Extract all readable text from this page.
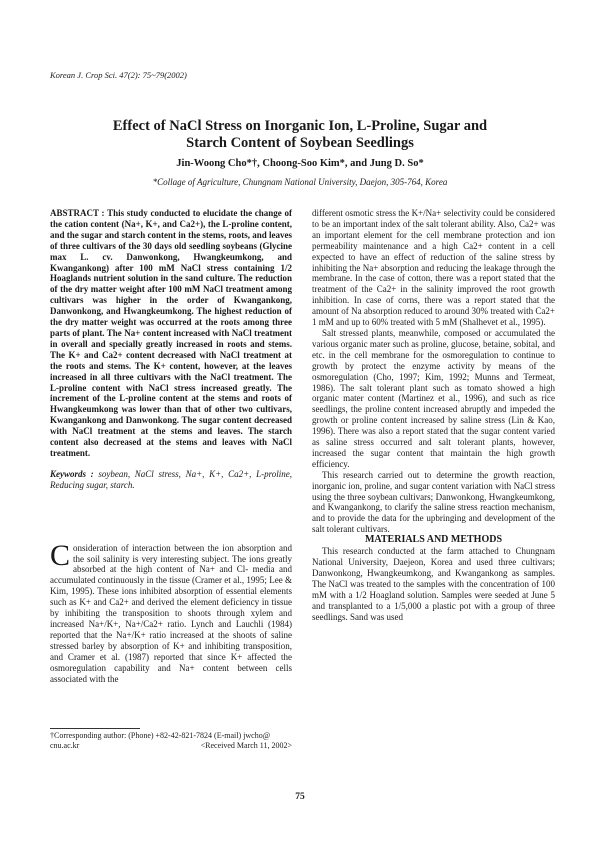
Korean J. Crop Sci. 47(2): 75~79(2002)
Effect of NaCl Stress on Inorganic Ion, L-Proline, Sugar and
Starch Content of Soybean Seedlings
Jin-Woong Cho*†, Choong-Soo Kim*, and Jung D. So*
*Collage of Agriculture, Chungnam National University, Daejon, 305-764, Korea

ABSTRACT : This study conducted to elucidate the change of the cation content (Na+, K+, and Ca2+), the L-proline content, and the sugar and starch content in the stems, roots, and leaves of three cultivars of the 30 days old seedling soybeans (Glycine max L. cv. Danwonkong, Hwangkeumkong, and Kwangankong) after 100 mM NaCl stress containing 1/2 Hoaglands nutrient solution in the sand culture. The reduction of the dry matter weight after 100 mM NaCl treatment among cultivars was higher in the order of Kwangankong, Danwonkong, and Hwangkeumkong. The highest reduction of the dry matter weight was occurred at the roots among three parts of plant. The Na+ content increased with NaCl treatment in overall and specially greatly increased in roots and stems. The K+ and Ca2+ content decreased with NaCl treatment at the roots and stems. The K+ content, however, at the leaves increased in all three cultivars with the NaCl treatment. The L-proline content with NaCl stress increased greatly. The increment of the L-proline content at the stems and roots of Hwangkeumkong was lower than that of other two cultivars, Kwangankong and Danwonkong. The sugar content decreased with NaCl treatment at the stems and leaves. The starch content also decreased at the stems and leaves with NaCl treatment.

Keywords : soybean, NaCl stress, Na+, K+, Ca2+, L-proline, Reducing sugar, starch.

Consideration of interaction between the ion absorption and the soil salinity is very interesting subject. The ions greatly absorbed at the high content of Na+ and Cl- media and accumulated continuously in the tissue (Cramer et al., 1995; Lee & Kim, 1995). These ions inhibited absorption of essential elements such as K+ and Ca2+ and derived the element deficiency in tissue by inhibiting the transposition to shoots through xylem and increased Na+/K+, Na+/Ca2+ ratio. Lynch and Lauchli (1984) reported that the Na+/K+ ratio increased at the shoots of saline stressed barley by absorption of K+ and inhibiting transposition, and Cramer et al. (1987) reported that since K+ affected the osmoregulation capability and Na+ content between cells associated with the

†Corresponding author: (Phone) +82-42-821-7824 (E-mail) jwcho@
cnu.ac.kr	<Received March 11, 2002>

different osmotic stress the K+/Na+ selectivity could be considered to be an important index of the salt tolerant ability. Also, Ca2+ was an important element for the cell membrane protection and ion permeability maintenance and a high Ca2+ content in a cell expected to have an effect of reduction of the saline stress by inhibiting the Na+ absorption and reducing the leakage through the membrane. In the case of cotton, there was a report stated that the treatment of the Ca2+ in the salinity improved the root growth inhibition. In case of corns, there was a report stated that the amount of Na absorption reduced to around 30% treated with Ca2+ 1 mM and up to 60% treated with 5 mM (Shalhevet et al., 1995).

Salt stressed plants, meanwhile, composed or accumulated the various organic mater such as proline, glucose, betaine, sobital, and etc. in the cell membrane for the osmoregulation to continue to growth by protect the enzyme activity by means of the osmoregulation (Cho, 1997; Kim, 1992; Munns and Termeat, 1986). The salt tolerant plant such as tomato showed a high organic mater content (Martinez et al., 1996), and such as rice seedlings, the proline content increased abruptly and impeded the growth or proline content increased by saline stress (Lin & Kao, 1996). There was also a report stated that the sugar content varied as saline stress occurred and salt tolerant plants, however, increased the sugar content that maintain the high growth efficiency.

This research carried out to determine the growth reaction, inorganic ion, proline, and sugar content variation with NaCl stress using the three soybean cultivars; Danwonkong, Hwangkeumkong, and Kwangankong, to clarify the saline stress reaction mechanism, and to provide the data for the upbringing and development of the salt tolerant cultivars.

MATERIALS AND METHODS

This research conducted at the farm attached to Chungnam National University, Daejeon, Korea and used three cultivars; Danwonkong, Hwangkeumkong, and Kwangankong as samples. The NaCl was treated to the samples with the concentration of 100 mM with a 1/2 Hoagland solution. Samples were seeded at June 5 and transplanted to a 1/5,000 a plastic pot with a group of three seedlings. Sand was used

75
